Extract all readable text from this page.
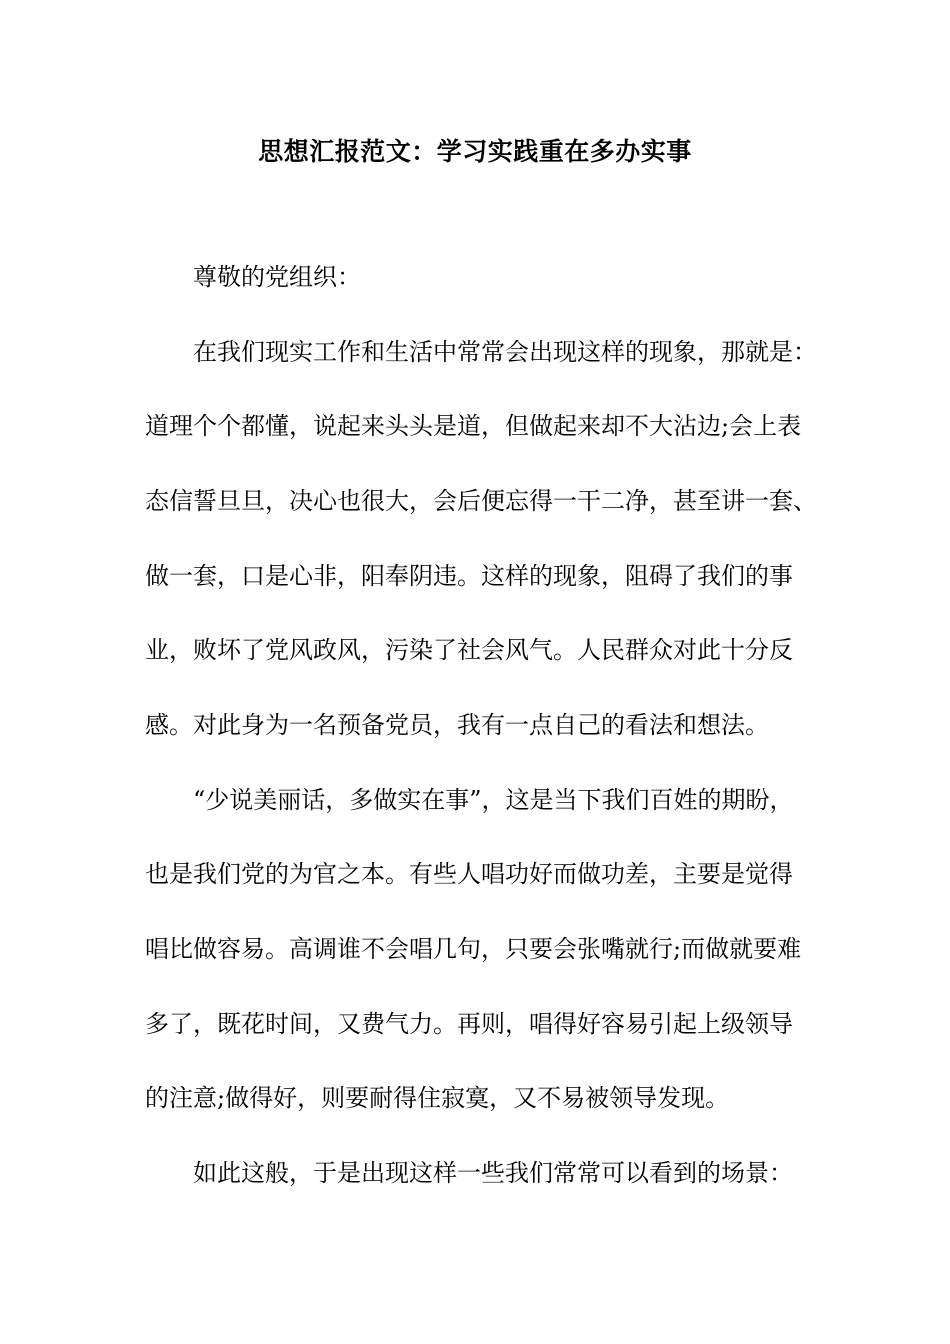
思想汇报范文：学习实践重在多办实事
尊敬的党组织：
在我们现实工作和生活中常常会出现这样的现象，那就是：
道理个个都懂，说起来头头是道，但做起来却不大沾边;会上表
态信誓旦旦，决心也很大，会后便忘得一干二净，甚至讲一套、
做一套，口是心非，阳奉阴违。这样的现象，阻碍了我们的事
业，败坏了党风政风，污染了社会风气。人民群众对此十分反
感。对此身为一名预备党员，我有一点自己的看法和想法。
“少说美丽话，多做实在事”，这是当下我们百姓的期盼，
也是我们党的为官之本。有些人唱功好而做功差，主要是觉得
唱比做容易。高调谁不会唱几句，只要会张嘴就行;而做就要难
多了，既花时间，又费气力。再则，唱得好容易引起上级领导
的注意;做得好，则要耐得住寂寞，又不易被领导发现。
如此这般，于是出现这样一些我们常常可以看到的场景：
